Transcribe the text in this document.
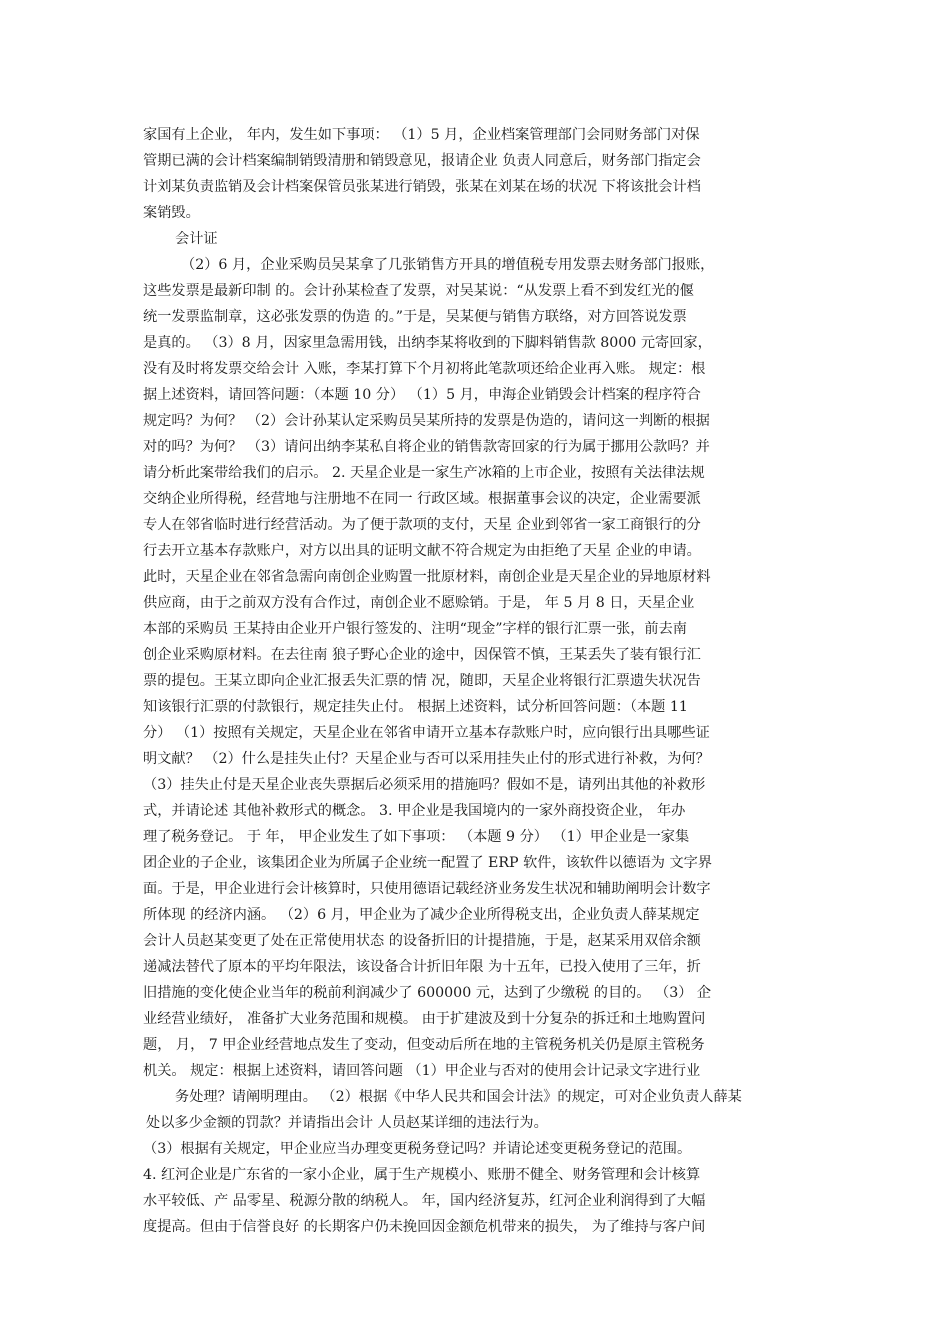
家国有上企业， 年内，发生如下事项： （1）5 月，企业档案管理部门会同财务部门对保
管期已满的会计档案编制销毁清册和销毁意见，报请企业 负责人同意后，财务部门指定会
计刘某负责监销及会计档案保管员张某进行销毁，张某在刘某在场的状况 下将该批会计档
案销毁。
会计证
（2）6 月，企业采购员吴某拿了几张销售方开具的增值税专用发票去财务部门报账，
这些发票是最新印制 的。会计孙某检查了发票，对吴某说：“从发票上看不到发红光的偃
统一发票监制章，这必张发票的伪造 的。”于是，吴某便与销售方联络，对方回答说发票
是真的。 （3）8 月，因家里急需用钱，出纳李某将收到的下脚料销售款 8000 元寄回家，
没有及时将发票交给会计 入账，李某打算下个月初将此笔款项还给企业再入账。 规定：根
据上述资料，请回答问题：（本题 10 分） （1）5 月，申海企业销毁会计档案的程序符合
规定吗？为何？ （2）会计孙某认定采购员吴某所持的发票是伪造的，请问这一判断的根据
对的吗？为何？ （3）请问出纳李某私自将企业的销售款寄回家的行为属于挪用公款吗？并
请分析此案带给我们的启示。 2. 天星企业是一家生产冰箱的上市企业，按照有关法律法规
交纳企业所得税，经营地与注册地不在同一 行政区域。根据董事会议的决定，企业需要派
专人在邻省临时进行经营活动。为了便于款项的支付，天星 企业到邻省一家工商银行的分
行去开立基本存款账户，对方以出具的证明文献不符合规定为由拒绝了天星 企业的申请。
此时，天星企业在邻省急需向南创企业购置一批原材料，南创企业是天星企业的异地原材料
供应商，由于之前双方没有合作过，南创企业不愿赊销。于是， 年 5 月 8 日，天星企业
本部的采购员 王某持由企业开户银行签发的、注明“现金”字样的银行汇票一张，前去南
创企业采购原材料。在去往南 狼子野心企业的途中，因保管不慎，王某丢失了装有银行汇
票的提包。王某立即向企业汇报丢失汇票的情 况，随即，天星企业将银行汇票遗失状况告
知该银行汇票的付款银行，规定挂失止付。 根据上述资料，试分析回答问题：（本题 11
分） （1）按照有关规定，天星企业在邻省申请开立基本存款账户时，应向银行出具哪些证
明文献？ （2）什么是挂失止付？天星企业与否可以采用挂失止付的形式进行补救，为何？
（3）挂失止付是天星企业丧失票据后必须采用的措施吗？假如不是，请列出其他的补救形
式，并请论述 其他补救形式的概念。 3. 甲企业是我国境内的一家外商投资企业， 年办
理了税务登记。 于 年， 甲企业发生了如下事项： （本题 9 分） （1）甲企业是一家集
团企业的子企业，该集团企业为所属子企业统一配置了 ERP 软件，该软件以德语为 文字界
面。于是，甲企业进行会计核算时，只使用德语记载经济业务发生状况和辅助阐明会计数字
所体现 的经济内涵。 （2）6 月，甲企业为了减少企业所得税支出，企业负责人薛某规定
会计人员赵某变更了处在正常使用状态 的设备折旧的计提措施，于是，赵某采用双倍余额
递减法替代了原本的平均年限法，该设备合计折旧年限 为十五年，已投入使用了三年，折
旧措施的变化使企业当年的税前利润减少了 600000 元，达到了少缴税 的目的。 （3） 企
业经营业绩好， 准备扩大业务范围和规模。 由于扩建波及到十分复杂的拆迁和土地购置问
题， 月， 7 甲企业经营地点发生了变动，但变动后所在地的主管税务机关仍是原主管税务
机关。 规定：根据上述资料，请回答问题 （1）甲企业与否对的使用会计记录文字进行业
务处理？请阐明理由。 （2）根据《中华人民共和国会计法》的规定，可对企业负责人薛某
处以多少金额的罚款？并请指出会计 人员赵某详细的违法行为。
（3）根据有关规定，甲企业应当办理变更税务登记吗？并请论述变更税务登记的范围。
4. 红河企业是广东省的一家小企业，属于生产规模小、账册不健全、财务管理和会计核算
水平较低、产 品零星、税源分散的纳税人。 年，国内经济复苏，红河企业利润得到了大幅
度提高。但由于信誉良好 的长期客户仍未挽回因金额危机带来的损失， 为了维持与客户间
